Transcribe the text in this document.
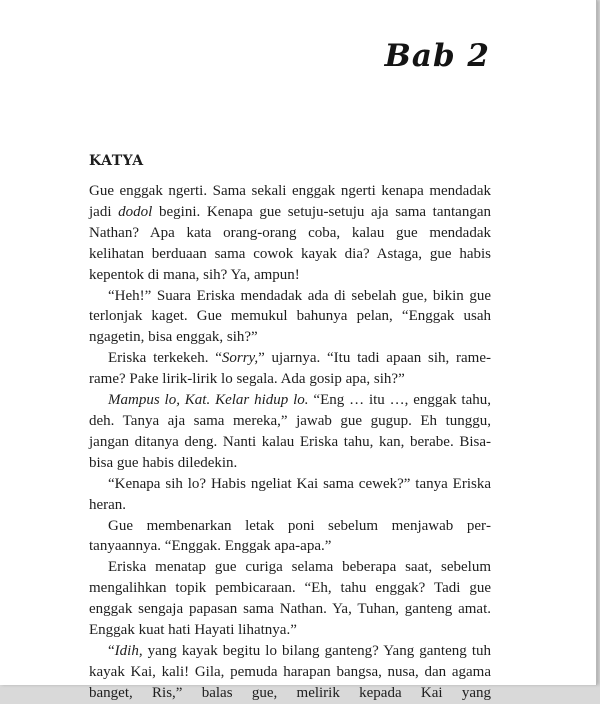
Bab 2
KATYA

Gue enggak ngerti. Sama sekali enggak ngerti kenapa mendadak jadi dodol begini. Kenapa gue setuju-setuju aja sama tantangan Nathan? Apa kata orang-orang coba, kalau gue mendadak kelihatan berduaan sama cowok kayak dia? Astaga, gue habis kepentok di mana, sih? Ya, ampun!

“Heh!” Suara Eriska mendadak ada di sebelah gue, bikin gue terlonjak kaget. Gue memukul bahunya pelan, “Enggak usah ngagetin, bisa enggak, sih?”

Eriska terkekeh. “Sorry,” ujarnya. “Itu tadi apaan sih, rame-rame? Pake lirik-lirik lo segala. Ada gosip apa, sih?”

Mampus lo, Kat. Kelar hidup lo. “Eng … itu …, enggak tahu, deh. Tanya aja sama mereka,” jawab gue gugup. Eh tunggu, jangan ditanya deng. Nanti kalau Eriska tahu, kan, berabe. Bisa-bisa gue habis diledekin.

“Kenapa sih lo? Habis ngeliat Kai sama cewek?” tanya Eriska heran.

Gue membenarkan letak poni sebelum menjawab pertanyaannya. “Enggak. Enggak apa-apa.”

Eriska menatap gue curiga selama beberapa saat, sebelum mengalihkan topik pembicaraan. “Eh, tahu enggak? Tadi gue enggak sengaja papasan sama Nathan. Ya, Tuhan, ganteng amat. Enggak kuat hati Hayati lihatnya.”

“Idih, yang kayak begitu lo bilang ganteng? Yang ganteng tuh kayak Kai, kali! Gila, pemuda harapan bangsa, nusa, dan agama banget, Ris,” balas gue, melirik kepada Kai yang
